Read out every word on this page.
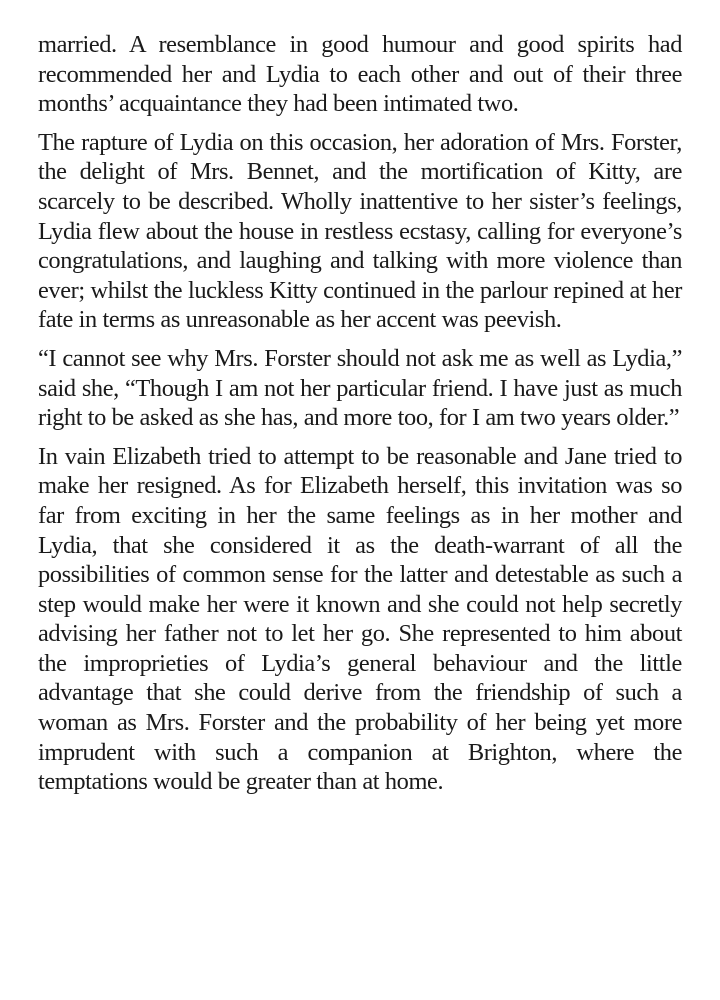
married. A resemblance in good humour and good spirits had recommended her and Lydia to each other and out of their three months’ acquaintance they had been intimated two.

The rapture of Lydia on this occasion, her adoration of Mrs. Forster, the delight of Mrs. Bennet, and the mortification of Kitty, are scarcely to be described. Wholly inattentive to her sister’s feelings, Lydia flew about the house in restless ecstasy, calling for everyone’s congratulations, and laughing and talking with more violence than ever; whilst the luckless Kitty continued in the parlour repined at her fate in terms as unreasonable as her accent was peevish.

“I cannot see why Mrs. Forster should not ask me as well as Lydia,” said she, “Though I am not her particular friend. I have just as much right to be asked as she has, and more too, for I am two years older.”

In vain Elizabeth tried to attempt to be reasonable and Jane tried to make her resigned. As for Elizabeth herself, this invitation was so far from exciting in her the same feelings as in her mother and Lydia, that she considered it as the death-warrant of all the possibilities of common sense for the latter and detestable as such a step would make her were it known and she could not help secretly advising her father not to let her go. She represented to him about the improprieties of Lydia’s general behaviour and the little advantage that she could derive from the friendship of such a woman as Mrs. Forster and the probability of her being yet more imprudent with such a companion at Brighton, where the temptations would be greater than at home.
